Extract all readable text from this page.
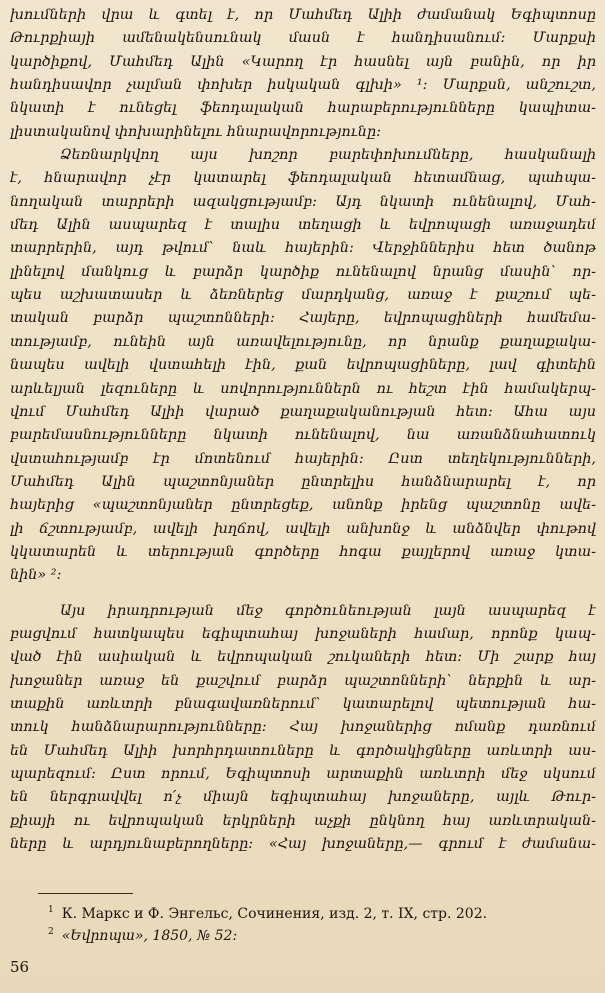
խումների վրա և գտել է, որ Մահմեդ Ալիի ժամանակ Եգիպտոսը
Թուրքիայի ամենակենսունակ մասն է հանդիսանում: Մարքսի
կարծիքով, Մահմեդ Ալին «Կարող էր հասնել այն բանին, որ իր
հանդիսավոր չալման փոխեր իսկական գլխի» ¹: Մարքսն, անշուշտ,
նկատի է ունեցել ֆեոդալական հարաբերությունները կապիտա-
լիստականով փոխարինելու հնարավորությունը:
Ձեռնարկվող այս խոշոր բարեփոխումները, հասկանալի
է, հնարավոր չէր կատարել ֆեոդալական հետամնաց, պահպա-
նողական տարրերի ազակցությամբ: Այդ նկատի ունենալով, Մահ-
մեդ Ալին ասպարեզ է տալիս տեղացի և եվրոպացի առաջադեմ
տարրերին, այդ թվում՝ նաև հայերին: Վերջիններիս հետ ծանոթ
լինելով մանկուց և բարձր կարծիք ունենալով նրանց մասին՝ որ-
պես աշխատասեր և ձեռներեց մարդկանց, առաջ է քաշում պե-
տական բարձր պաշտոնների: Հայերը, եվրոպացիների համեմա-
տությամբ, ունեին այն առավելությունը, որ նրանք քաղաքակա-
նապես ավելի վստահելի էին, քան եվրոպացիները, լավ գիտեին
արևելյան լեզուները և սովորություններն ու հեշտ էին համակերպ-
վում Մահմեդ Ալիի վարած քաղաքականության հետ: Ահա այս
բարեմասնությունները նկատի ունենալով, նա առանձնահատուկ
վստահությամբ էր մոտենում հայերին: Ըստ տեղեկությունների,
Մահմեդ Ալին պաշտոնյաներ ընտրելիս հանձնարարել է, որ
հայերից «պաշտոնյաներ ընտրեցեք, անոնք իրենց պաշտոնը ավե-
լի ճշտությամբ, ավելի խղճով, ավելի անխոնջ և անձնվեր փութով
կկատարեն և տերության գործերը հոգա քայլերով առաջ կտա-
նին» ²:
Այս իրադրության մեջ գործունեության լայն ասպարեզ է
բացվում հատկապես եգիպտահայ խոջաների համար, որոնք կապ-
ված էին ասիական և եվրոպական շուկաների հետ: Մի շարք հայ
խոջաներ առաջ են քաշվում բարձր պաշտոնների՝ ներքին և ար-
տաքին առևտրի բնագավառներում՝ կատարելով պետության հա-
տուկ հանձնարարությունները: Հայ խոջաներից ոմանք դառնում
են Մահմեդ Ալիի խորհրդատուները և գործակիցները առևտրի աս-
պարեզում: Ըստ որում, Եգիպտոսի արտաքին առևտրի մեջ սկսում
են ներգրավվել ո՛չ միայն եգիպտահայ խոջաները, այլև Թուր-
քիայի ու եվրոպական երկրների աչքի ընկնող հայ առևտրական-
ները և արդյունաբերողները: «Հայ խոջաները,— գրում է ժամանա-
$^1$ К. Маркс и Ф. Энгельс, Сочинения, изд. 2, т. IX, стр. 202.
$^2$ «Եվրոպա», 1850, № 52:
56
